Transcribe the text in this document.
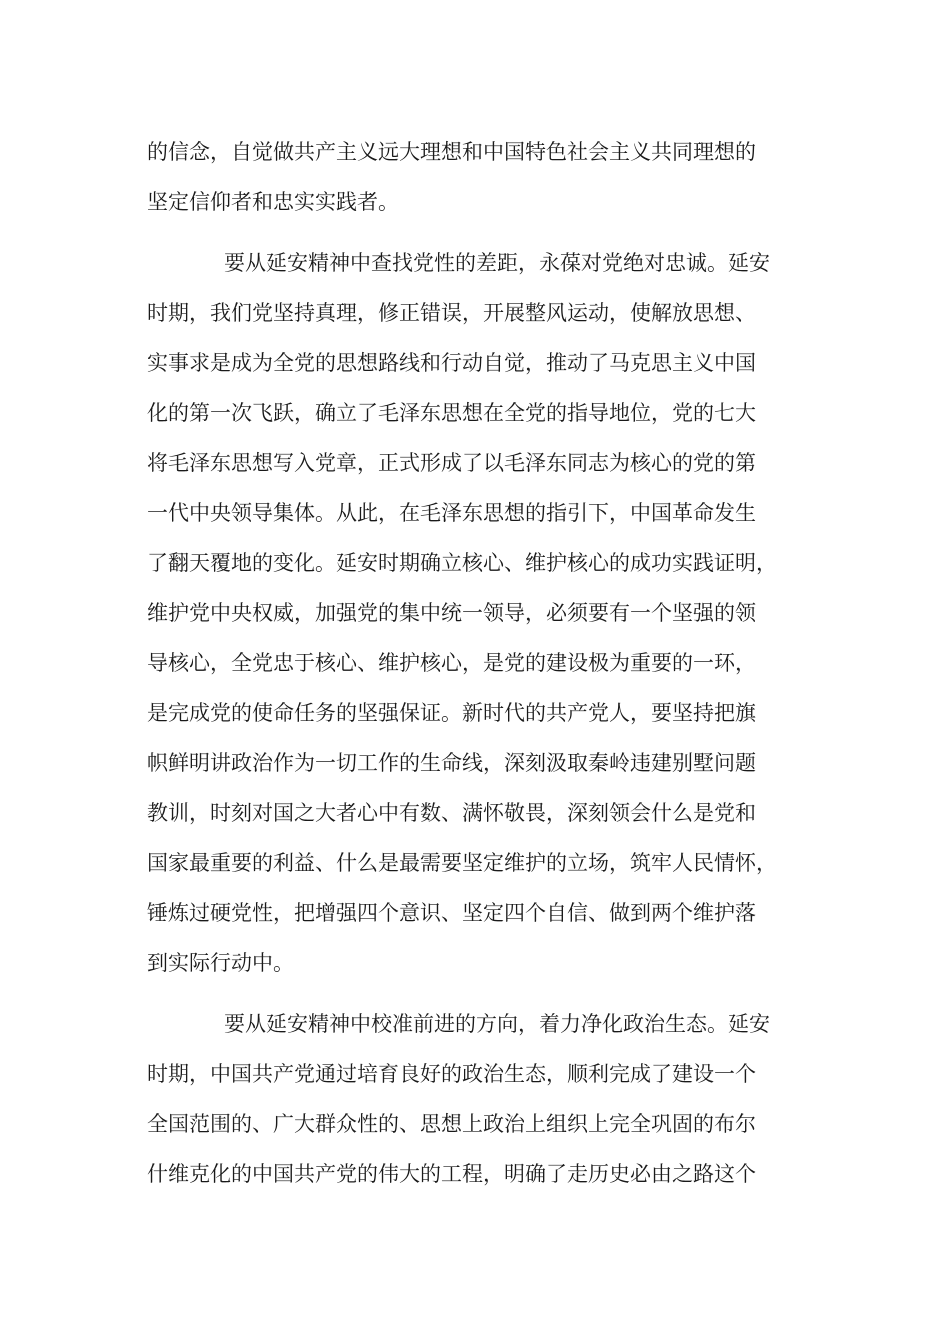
的信念，自觉做共产主义远大理想和中国特色社会主义共同理想的
坚定信仰者和忠实实践者。
要从延安精神中查找党性的差距，永葆对党绝对忠诚。延安
时期，我们党坚持真理，修正错误，开展整风运动，使解放思想、
实事求是成为全党的思想路线和行动自觉，推动了马克思主义中国
化的第一次飞跃，确立了毛泽东思想在全党的指导地位，党的七大
将毛泽东思想写入党章，正式形成了以毛泽东同志为核心的党的第
一代中央领导集体。从此，在毛泽东思想的指引下，中国革命发生
了翻天覆地的变化。延安时期确立核心、维护核心的成功实践证明，
维护党中央权威，加强党的集中统一领导，必须要有一个坚强的领
导核心，全党忠于核心、维护核心，是党的建设极为重要的一环，
是完成党的使命任务的坚强保证。新时代的共产党人，要坚持把旗
帜鲜明讲政治作为一切工作的生命线，深刻汲取秦岭违建别墅问题
教训，时刻对国之大者心中有数、满怀敬畏，深刻领会什么是党和
国家最重要的利益、什么是最需要坚定维护的立场，筑牢人民情怀，
锤炼过硬党性，把增强四个意识、坚定四个自信、做到两个维护落
到实际行动中。
要从延安精神中校准前进的方向，着力净化政治生态。延安
时期，中国共产党通过培育良好的政治生态，顺利完成了建设一个
全国范围的、广大群众性的、思想上政治上组织上完全巩固的布尔
什维克化的中国共产党的伟大的工程，明确了走历史必由之路这个
